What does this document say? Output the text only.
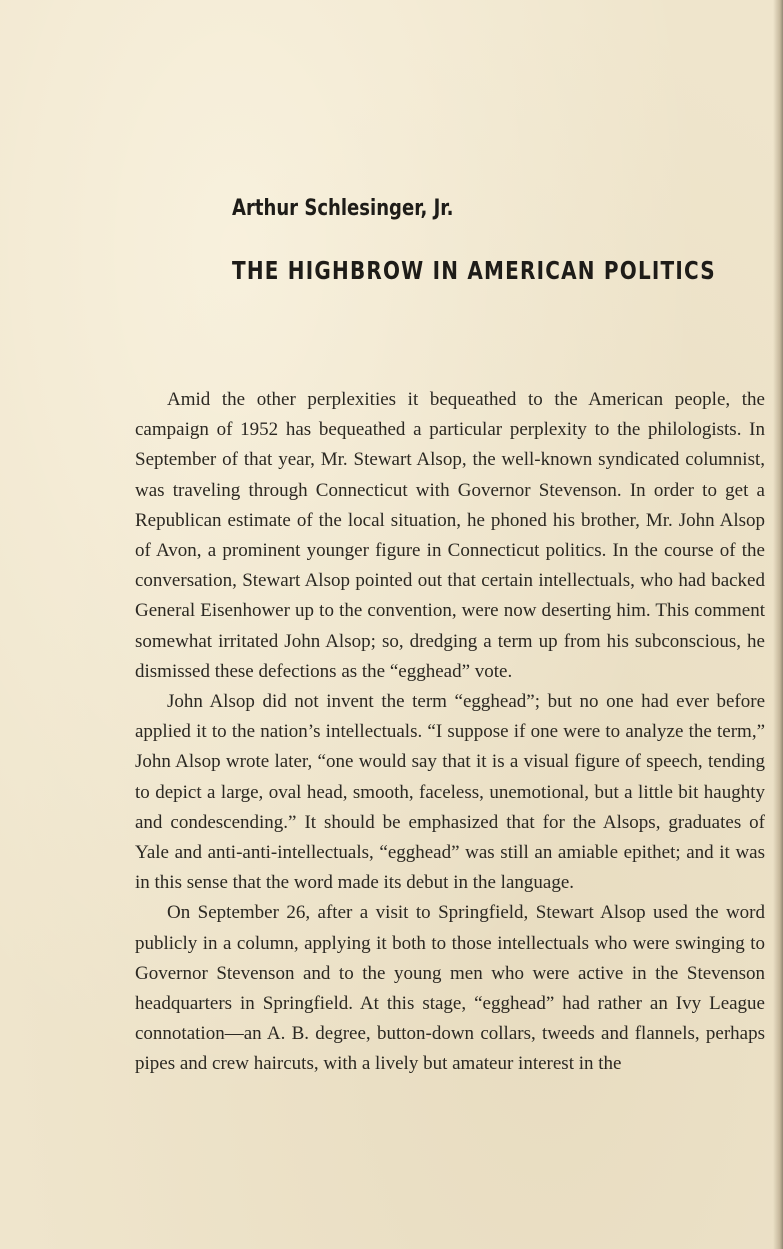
Arthur Schlesinger, Jr.
THE HIGHBROW IN AMERICAN POLITICS

Amid the other perplexities it bequeathed to the American people, the campaign of 1952 has bequeathed a particular perplexity to the philologists. In September of that year, Mr. Stewart Alsop, the well-known syndicated columnist, was traveling through Connecticut with Governor Stevenson. In order to get a Republican estimate of the local situation, he phoned his brother, Mr. John Alsop of Avon, a prominent younger figure in Connecticut politics. In the course of the conversation, Stewart Alsop pointed out that certain intellectuals, who had backed General Eisenhower up to the convention, were now deserting him. This comment somewhat irritated John Alsop; so, dredging a term up from his subconscious, he dismissed these defections as the “egghead” vote.

John Alsop did not invent the term “egghead”; but no one had ever before applied it to the nation’s intellectuals. “I suppose if one were to analyze the term,” John Alsop wrote later, “one would say that it is a visual figure of speech, tending to depict a large, oval head, smooth, faceless, unemotional, but a little bit haughty and condescending.” It should be emphasized that for the Alsops, graduates of Yale and anti-anti-intellectuals, “egghead” was still an amiable epithet; and it was in this sense that the word made its debut in the language.

On September 26, after a visit to Springfield, Stewart Alsop used the word publicly in a column, applying it both to those intellectuals who were swinging to Governor Stevenson and to the young men who were active in the Stevenson headquarters in Springfield. At this stage, “egghead” had rather an Ivy League connotation—an A. B. degree, button-down collars, tweeds and flannels, perhaps pipes and crew haircuts, with a lively but amateur interest in the
